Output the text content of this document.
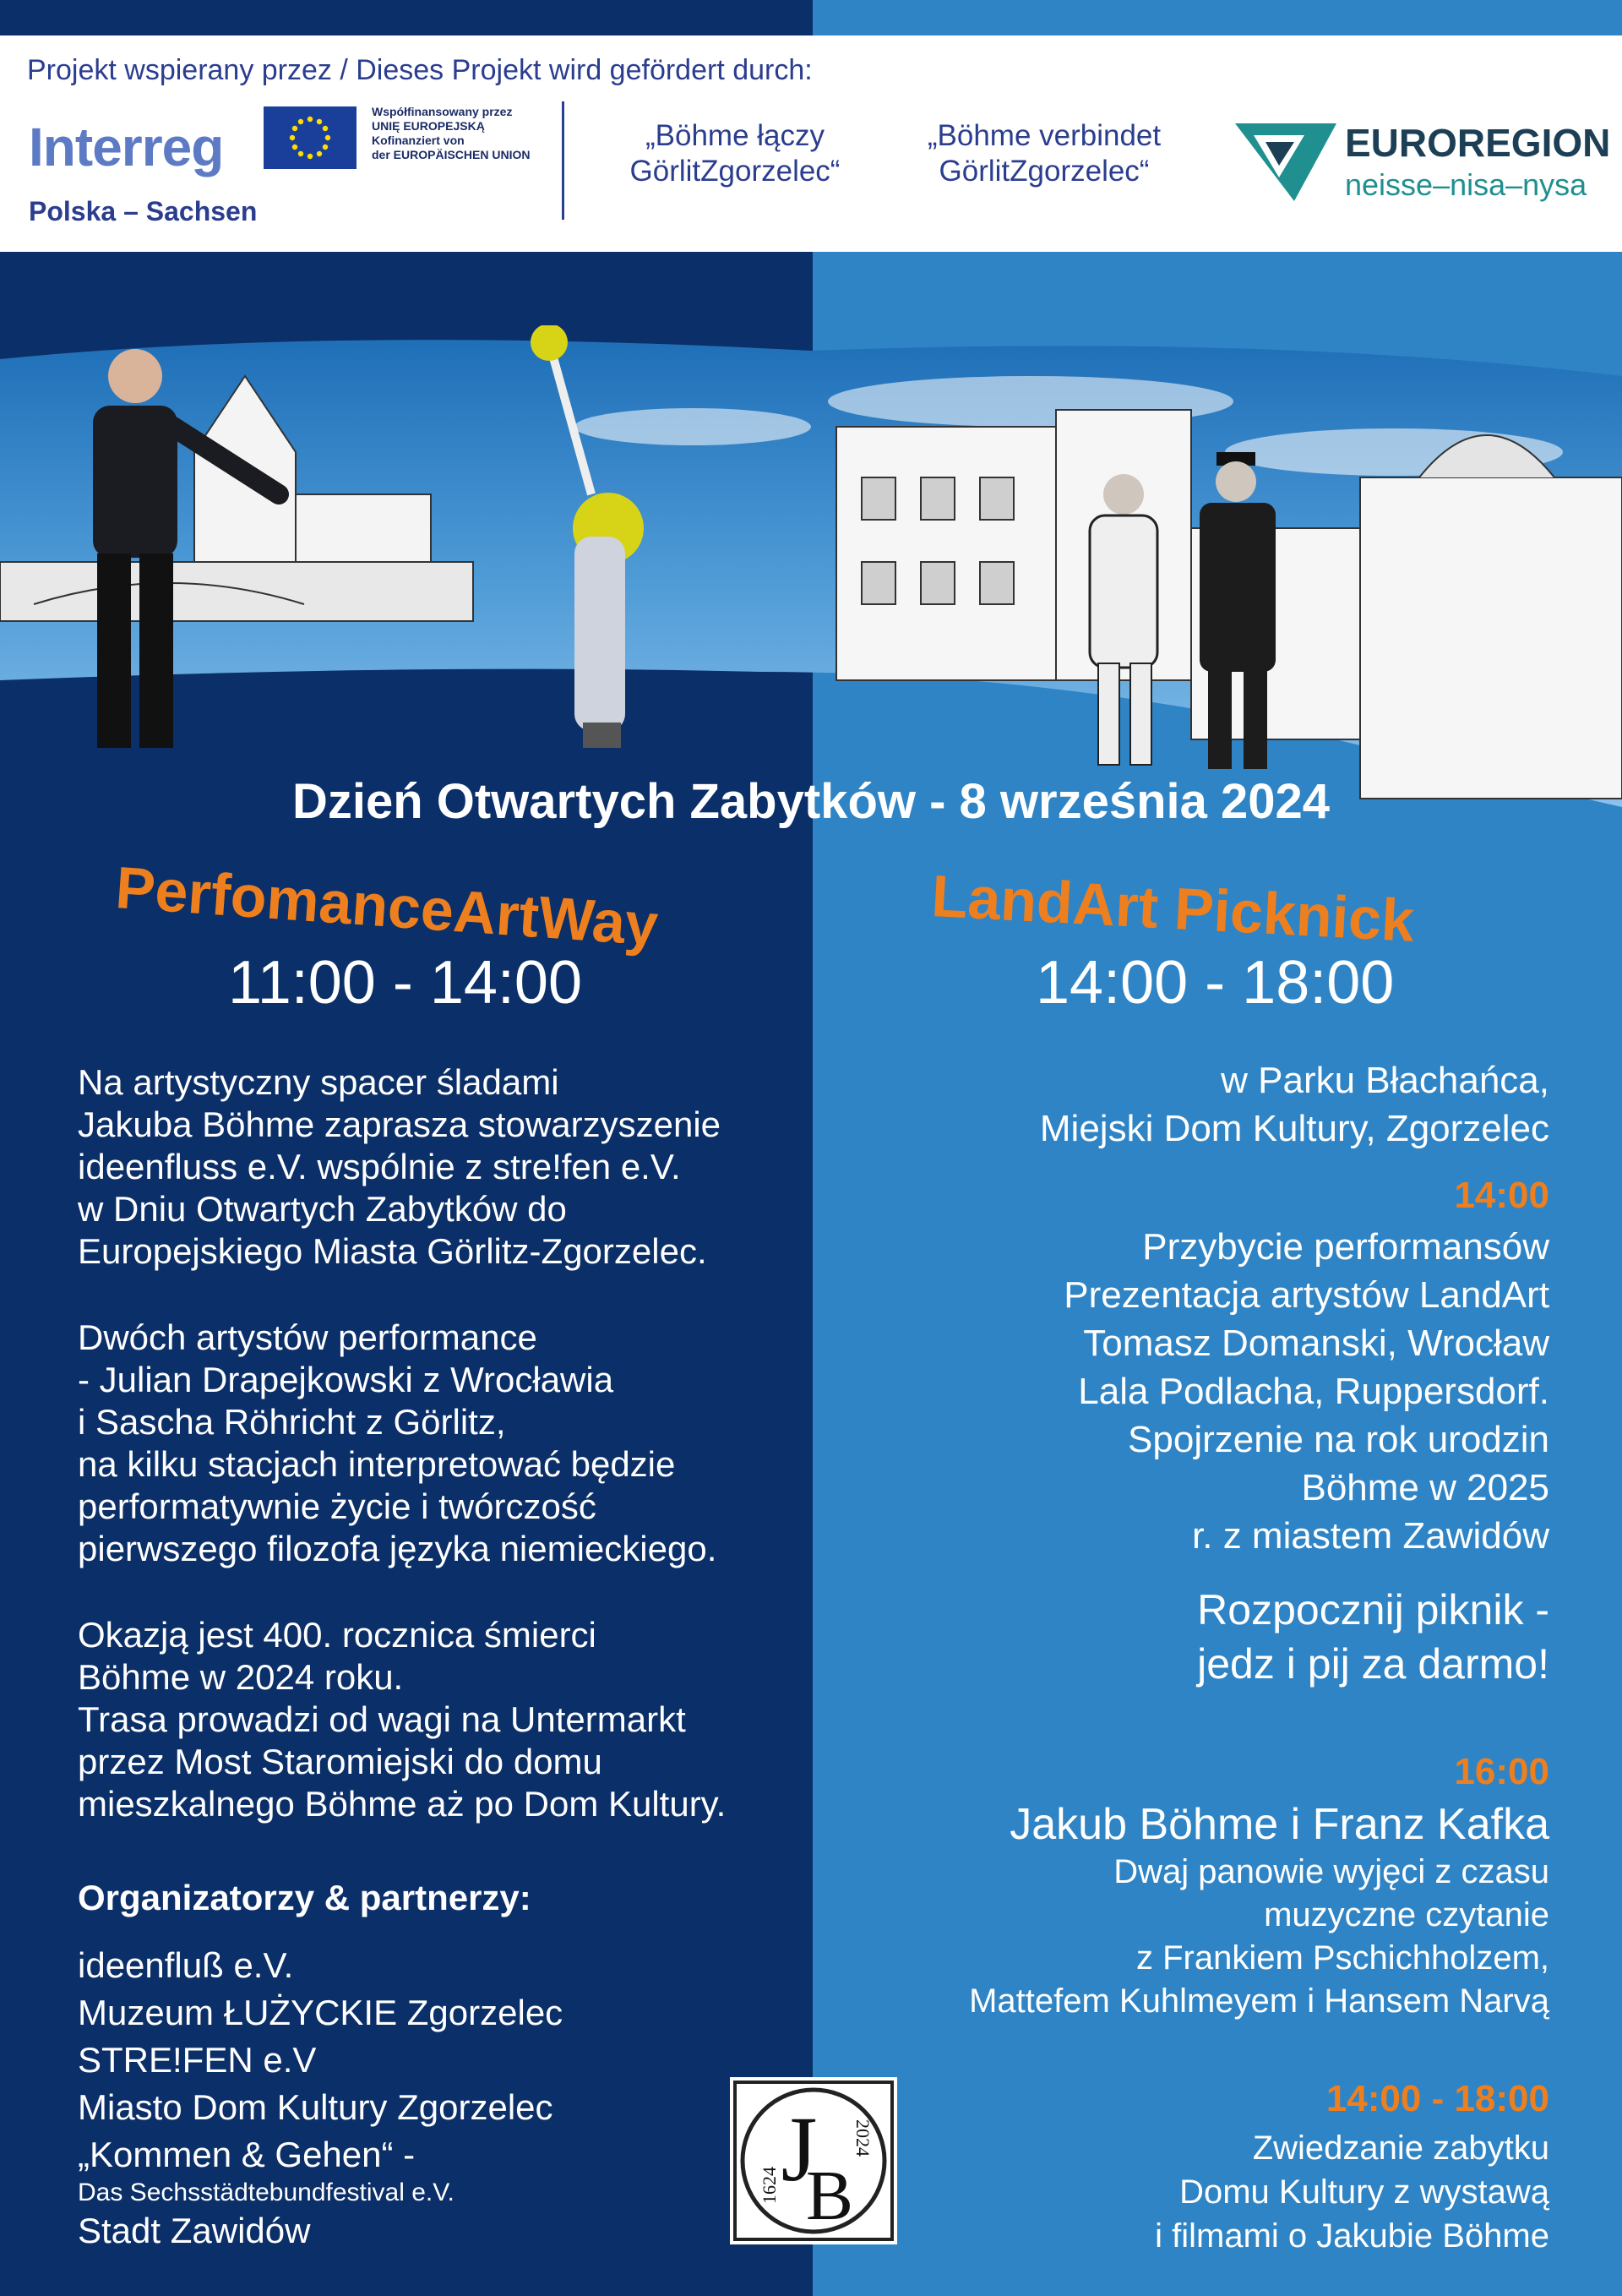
Projekt wspierany przez / Dieses Projekt wird gefördert durch:
Interreg
Polska – Sachsen
Współfinansowany przez
UNIĘ EUROPEJSKĄ
Kofinanziert von
der EUROPÄISCHEN UNION
„Böhme łączy
GörlitZgorzelec“
„Böhme verbindet
GörlitZgorzelec“
EUROREGION
neisse–nisa–nysa
Dzień Otwartych Zabytków - 8 września 2024
PerfomanceArtWay	LandArt Picknick
11:00 - 14:00	14:00 - 18:00
Na artystyczny spacer śladami
Jakuba Böhme zaprasza stowarzyszenie
ideenfluss e.V. wspólnie z stre!fen e.V.
w Dniu Otwartych Zabytków do
Europejskiego Miasta Görlitz-Zgorzelec.
Dwóch artystów performance
- Julian Drapejkowski z Wrocławia
i Sascha Röhricht z Görlitz,
na kilku stacjach interpretować będzie
performatywnie życie i twórczość
pierwszego filozofa języka niemieckiego.
Okazją jest 400. rocznica śmierci
Böhme w 2024 roku.
Trasa prowadzi od wagi na Untermarkt
przez Most Staromiejski do domu
mieszkalnego Böhme aż po Dom Kultury.
Organizatorzy & partnerzy:
ideenfluß e.V.
Muzeum ŁUŻYCKIE Zgorzelec
STRE!FEN e.V
Miasto Dom Kultury Zgorzelec
„Kommen & Gehen“ -
Das Sechsstädtebundfestival e.V.
Stadt Zawidów
w Parku Błachańca,
Miejski Dom Kultury, Zgorzelec
14:00
Przybycie performansów
Prezentacja artystów LandArt
Tomasz Domanski, Wrocław
Lala Podlacha, Ruppersdorf.
Spojrzenie na rok urodzin
Böhme w 2025
r. z miastem Zawidów
Rozpocznij piknik -
jedz i pij za darmo!
16:00
Jakub Böhme i Franz Kafka
Dwaj panowie wyjęci z czasu
muzyczne czytanie
z Frankiem Pschichholzem,
Mattefem Kuhlmeyem i Hansem Narvą
14:00 - 18:00
Zwiedzanie zabytku
Domu Kultury z wystawą
i filmami o Jakubie Böhme
J
B
1624
2024
